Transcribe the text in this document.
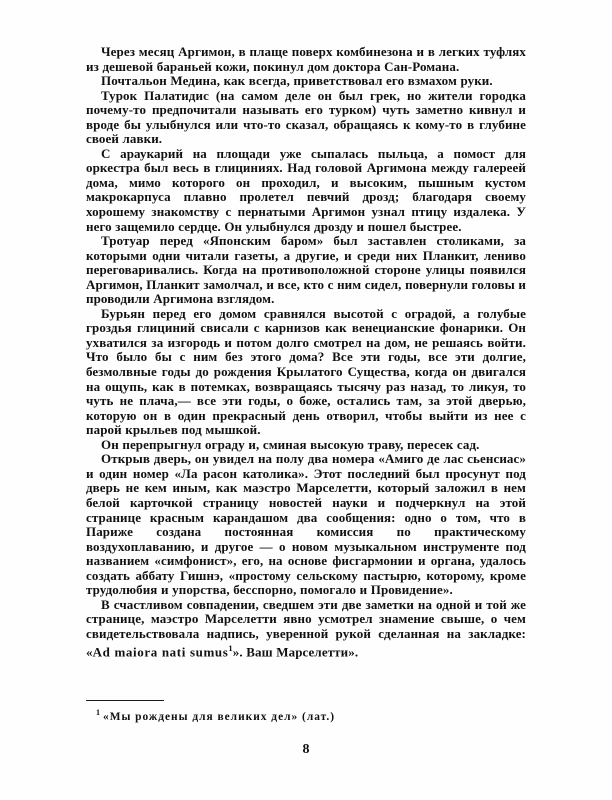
Через месяц Аргимон, в плаще поверх комбинезона и в легких туфлях из дешевой бараньей кожи, покинул дом доктора Сан-Романа.

Почтальон Медина, как всегда, приветствовал его взмахом руки.

Турок Палатидис (на самом деле он был грек, но жители городка почему-то предпочитали называть его турком) чуть заметно кивнул и вроде бы улыбнулся или что-то сказал, обращаясь к кому-то в глубине своей лавки.

С араукарий на площади уже сыпалась пыльца, а помост для оркестра был весь в глициниях. Над головой Аргимона между галереей дома, мимо которого он проходил, и высоким, пышным кустом макрокарпуса плавно пролетел певчий дрозд; благодаря своему хорошему знакомству с пернатыми Аргимон узнал птицу издалека. У него защемило сердце. Он улыбнулся дрозду и пошел быстрее.

Тротуар перед «Японским баром» был заставлен столиками, за которыми одни читали газеты, а другие, и среди них Планкит, лениво переговаривались. Когда на противоположной стороне улицы появился Аргимон, Планкит замолчал, и все, кто с ним сидел, повернули головы и проводили Аргимона взглядом.

Бурьян перед его домом сравнялся высотой с оградой, а голубые гроздья глициний свисали с карнизов как венецианские фонарики. Он ухватился за изгородь и потом долго смотрел на дом, не решаясь войти. Что было бы с ним без этого дома? Все эти годы, все эти долгие, безмолвные годы до рождения Крылатого Существа, когда он двигался на ощупь, как в потемках, возвращаясь тысячу раз назад, то ликуя, то чуть не плача,— все эти годы, о боже, остались там, за этой дверью, которую он в один прекрасный день отворил, чтобы выйти из нее с парой крыльев под мышкой.

Он перепрыгнул ограду и, сминая высокую траву, пересек сад.

Открыв дверь, он увидел на полу два номера «Амиго де лас сьенсиас» и один номер «Ла расон католика». Этот последний был просунут под дверь не кем иным, как маэстро Марселетти, который заложил в нем белой карточкой страницу новостей науки и подчеркнул на этой странице красным карандашом два сообщения: одно о том, что в Париже создана постоянная комиссия по практическому воздухоплаванию, и другое — о новом музыкальном инструменте под названием «симфонист», его, на основе фисгармонии и органа, удалось создать аббату Гишнэ, «простому сельскому пастырю, которому, кроме трудолюбия и упорства, бесспорно, помогало и Провидение».

В счастливом совпадении, сведшем эти две заметки на одной и той же странице, маэстро Марселетти явно усмотрел знамение свыше, о чем свидетельствовала надпись, уверенной рукой сделанная на закладке: «Ad maiora nati sumus$^1$». Ваш Марселетти».

$^1$ «Мы рождены для великих дел» (лат.)
8
